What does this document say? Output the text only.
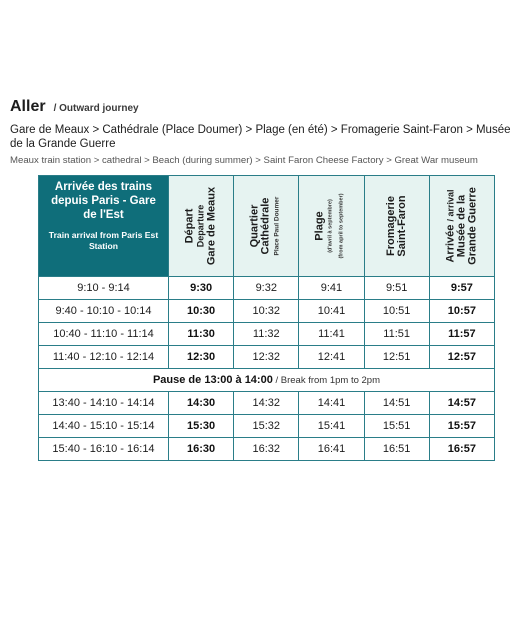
Aller / Outward journey
Gare de Meaux > Cathédrale (Place Doumer) > Plage (en été) > Fromagerie Saint-Faron > Musée de la Grande Guerre
Meaux train station > cathedral > Beach (during summer) > Saint Faron Cheese Factory > Great War museum
Arrivée des trains depuis Paris - Gare de l'Est
Train arrival from Paris Est Station	Départ Departure Gare de Meaux	Quartier Cathédrale Place Paul Doumer	Plage (d'avril à septembre) (from april to september)	Fromagerie Saint-Faron	Arrivée / arrival Musée de la Grande Guerre

9:10 - 9:14	9:30	9:32	9:41	9:51	9:57
9:40 - 10:10 - 10:14	10:30	10:32	10:41	10:51	10:57
10:40 - 11:10 - 11:14	11:30	11:32	11:41	11:51	11:57
11:40 - 12:10 - 12:14	12:30	12:32	12:41	12:51	12:57
Pause de 13:00 à 14:00 / Break from 1pm to 2pm					
13:40 - 14:10 - 14:14	14:30	14:32	14:41	14:51	14:57
14:40 - 15:10 - 15:14	15:30	15:32	15:41	15:51	15:57
15:40 - 16:10 - 16:14	16:30	16:32	16:41	16:51	16:57
